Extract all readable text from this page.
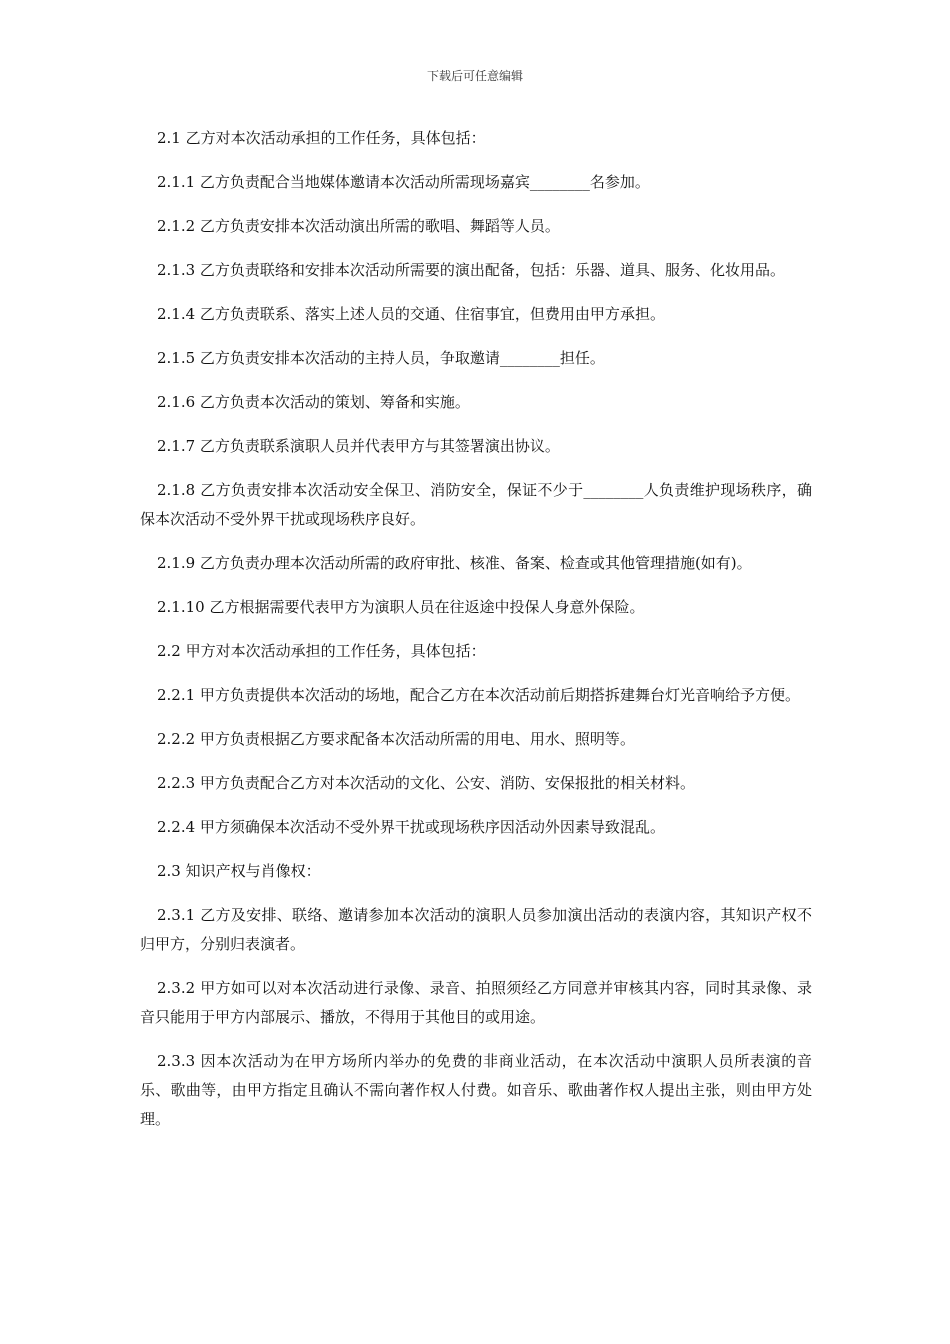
下载后可任意编辑

2.1 乙方对本次活动承担的工作任务，具体包括：

2.1.1 乙方负责配合当地媒体邀请本次活动所需现场嘉宾________名参加。

2.1.2 乙方负责安排本次活动演出所需的歌唱、舞蹈等人员。

2.1.3 乙方负责联络和安排本次活动所需要的演出配备，包括：乐器、道具、服务、化妆用品。

2.1.4 乙方负责联系、落实上述人员的交通、住宿事宜，但费用由甲方承担。

2.1.5 乙方负责安排本次活动的主持人员，争取邀请________担任。

2.1.6 乙方负责本次活动的策划、筹备和实施。

2.1.7 乙方负责联系演职人员并代表甲方与其签署演出协议。

2.1.8 乙方负责安排本次活动安全保卫、消防安全，保证不少于________人负责维护现场秩序，确保本次活动不受外界干扰或现场秩序良好。

2.1.9 乙方负责办理本次活动所需的政府审批、核准、备案、检查或其他管理措施(如有)。

2.1.10 乙方根据需要代表甲方为演职人员在往返途中投保人身意外保险。

2.2 甲方对本次活动承担的工作任务，具体包括：

2.2.1 甲方负责提供本次活动的场地，配合乙方在本次活动前后期搭拆建舞台灯光音响给予方便。

2.2.2 甲方负责根据乙方要求配备本次活动所需的用电、用水、照明等。

2.2.3 甲方负责配合乙方对本次活动的文化、公安、消防、安保报批的相关材料。

2.2.4 甲方须确保本次活动不受外界干扰或现场秩序因活动外因素导致混乱。

2.3 知识产权与肖像权：

2.3.1 乙方及安排、联络、邀请参加本次活动的演职人员参加演出活动的表演内容，其知识产权不归甲方，分别归表演者。

2.3.2 甲方如可以对本次活动进行录像、录音、拍照须经乙方同意并审核其内容，同时其录像、录音只能用于甲方内部展示、播放，不得用于其他目的或用途。

2.3.3 因本次活动为在甲方场所内举办的免费的非商业活动，在本次活动中演职人员所表演的音乐、歌曲等，由甲方指定且确认不需向著作权人付费。如音乐、歌曲著作权人提出主张，则由甲方处理。
